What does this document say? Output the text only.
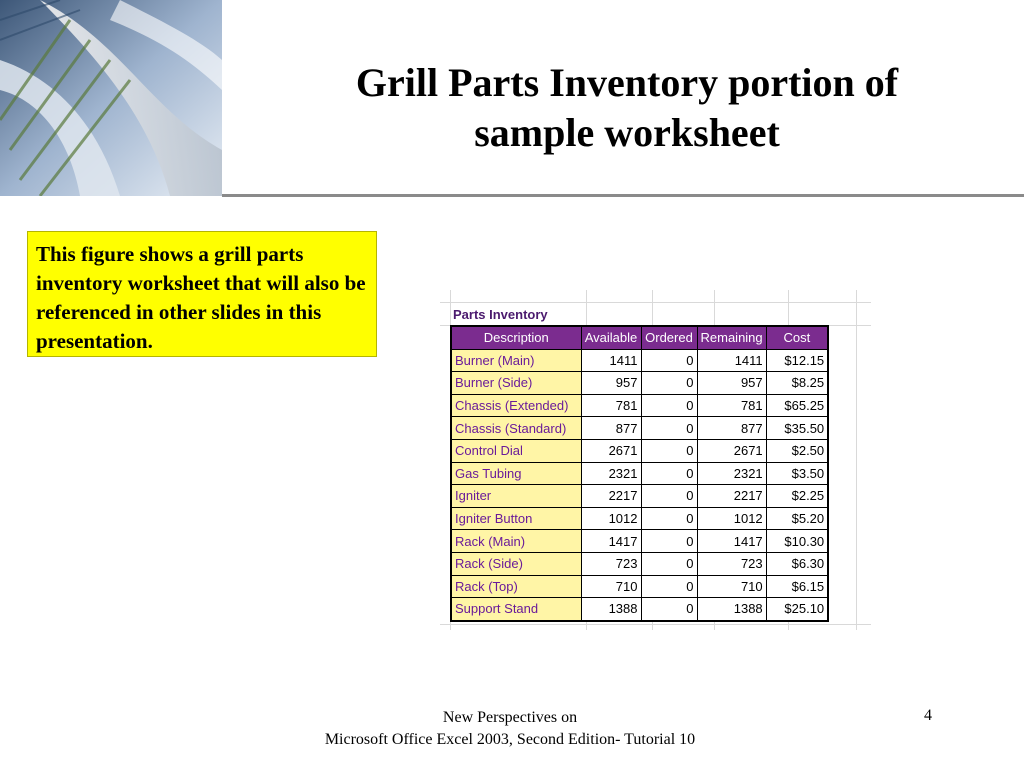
Grill Parts Inventory portion of
sample worksheet
This figure shows a grill parts inventory worksheet that will also be referenced in other slides in this presentation.
Parts Inventory
Description	Available	Ordered	Remaining	Cost
Burner (Main)	1411	0	1411	$12.15
Burner (Side)	957	0	957	$8.25
Chassis (Extended)	781	0	781	$65.25
Chassis (Standard)	877	0	877	$35.50
Control Dial	2671	0	2671	$2.50
Gas Tubing	2321	0	2321	$3.50
Igniter	2217	0	2217	$2.25
Igniter Button	1012	0	1012	$5.20
Rack (Main)	1417	0	1417	$10.30
Rack (Side)	723	0	723	$6.30
Rack (Top)	710	0	710	$6.15
Support Stand	1388	0	1388	$25.10
New Perspectives on
Microsoft Office Excel 2003, Second Edition- Tutorial 10
4
